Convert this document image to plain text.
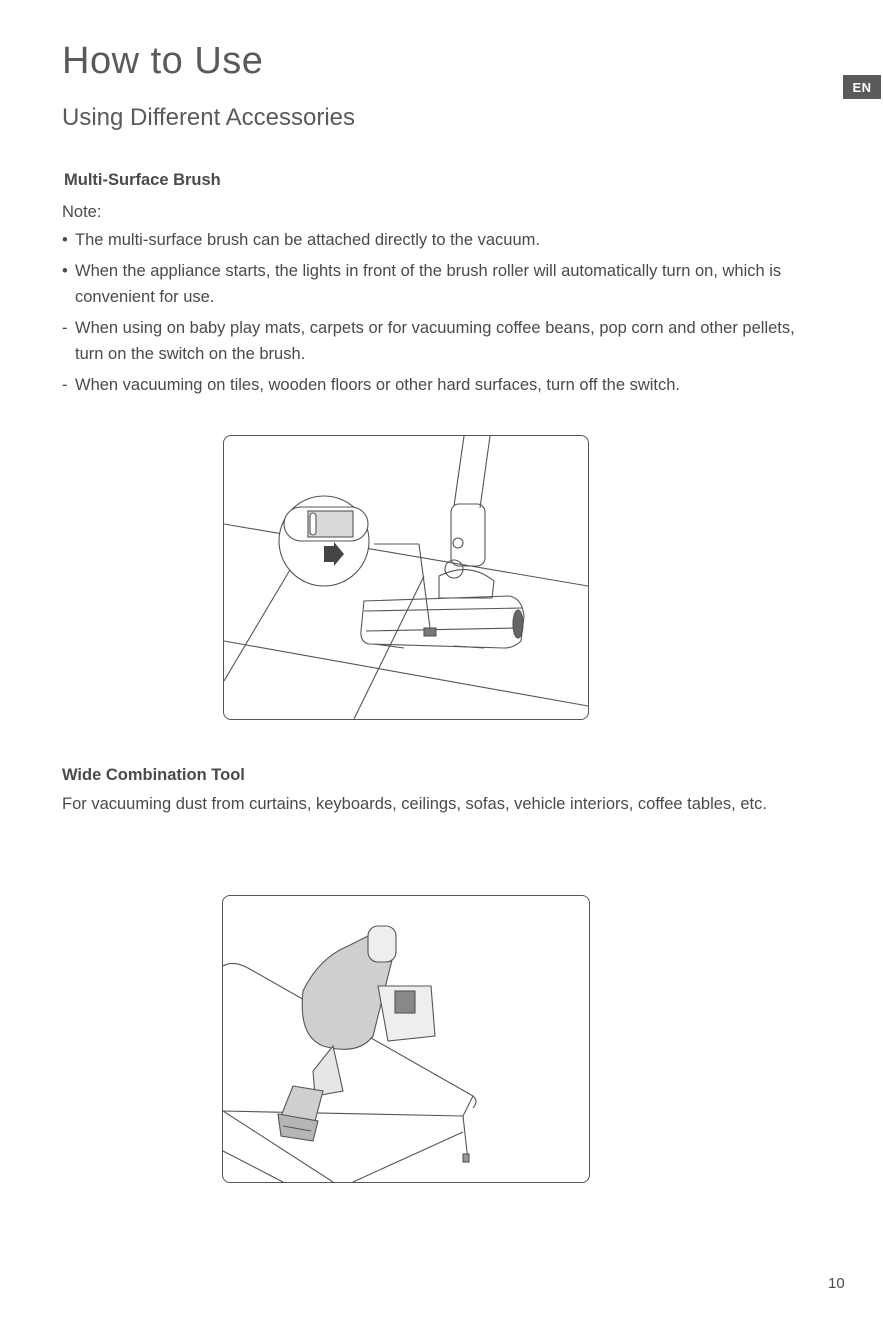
How to Use
EN
Using Different Accessories
Multi-Surface Brush
Note:
• The multi-surface brush can be attached directly to the vacuum.
• When the appliance starts, the lights in front of the brush roller will automatically turn on, which is convenient for use.
- When using on baby play mats, carpets or for vacuuming coffee beans, pop corn and other pellets, turn on the switch on the brush.
- When vacuuming on tiles, wooden floors or other hard surfaces, turn off the switch.
Wide Combination Tool
For vacuuming dust from curtains, keyboards, ceilings, sofas, vehicle interiors, coffee tables, etc.
10
